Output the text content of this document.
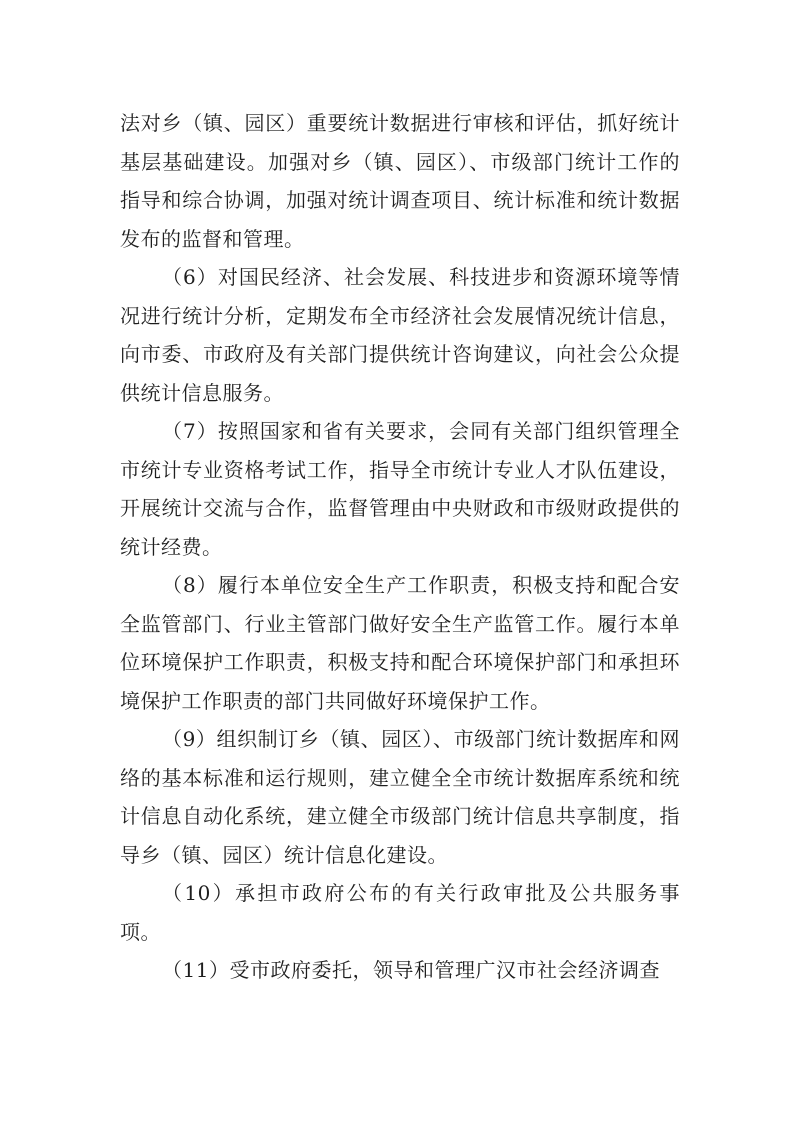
法对乡（镇、园区）重要统计数据进行审核和评估，抓好统计基层基础建设。加强对乡（镇、园区）、市级部门统计工作的指导和综合协调，加强对统计调查项目、统计标准和统计数据发布的监督和管理。

（6）对国民经济、社会发展、科技进步和资源环境等情况进行统计分析，定期发布全市经济社会发展情况统计信息，向市委、市政府及有关部门提供统计咨询建议，向社会公众提供统计信息服务。

（7）按照国家和省有关要求，会同有关部门组织管理全市统计专业资格考试工作，指导全市统计专业人才队伍建设，开展统计交流与合作，监督管理由中央财政和市级财政提供的统计经费。

（8）履行本单位安全生产工作职责，积极支持和配合安全监管部门、行业主管部门做好安全生产监管工作。履行本单位环境保护工作职责，积极支持和配合环境保护部门和承担环境保护工作职责的部门共同做好环境保护工作。

（9）组织制订乡（镇、园区）、市级部门统计数据库和网络的基本标准和运行规则，建立健全全市统计数据库系统和统计信息自动化系统，建立健全市级部门统计信息共享制度，指导乡（镇、园区）统计信息化建设。

（10）承担市政府公布的有关行政审批及公共服务事项。

（11）受市政府委托，领导和管理广汉市社会经济调查
